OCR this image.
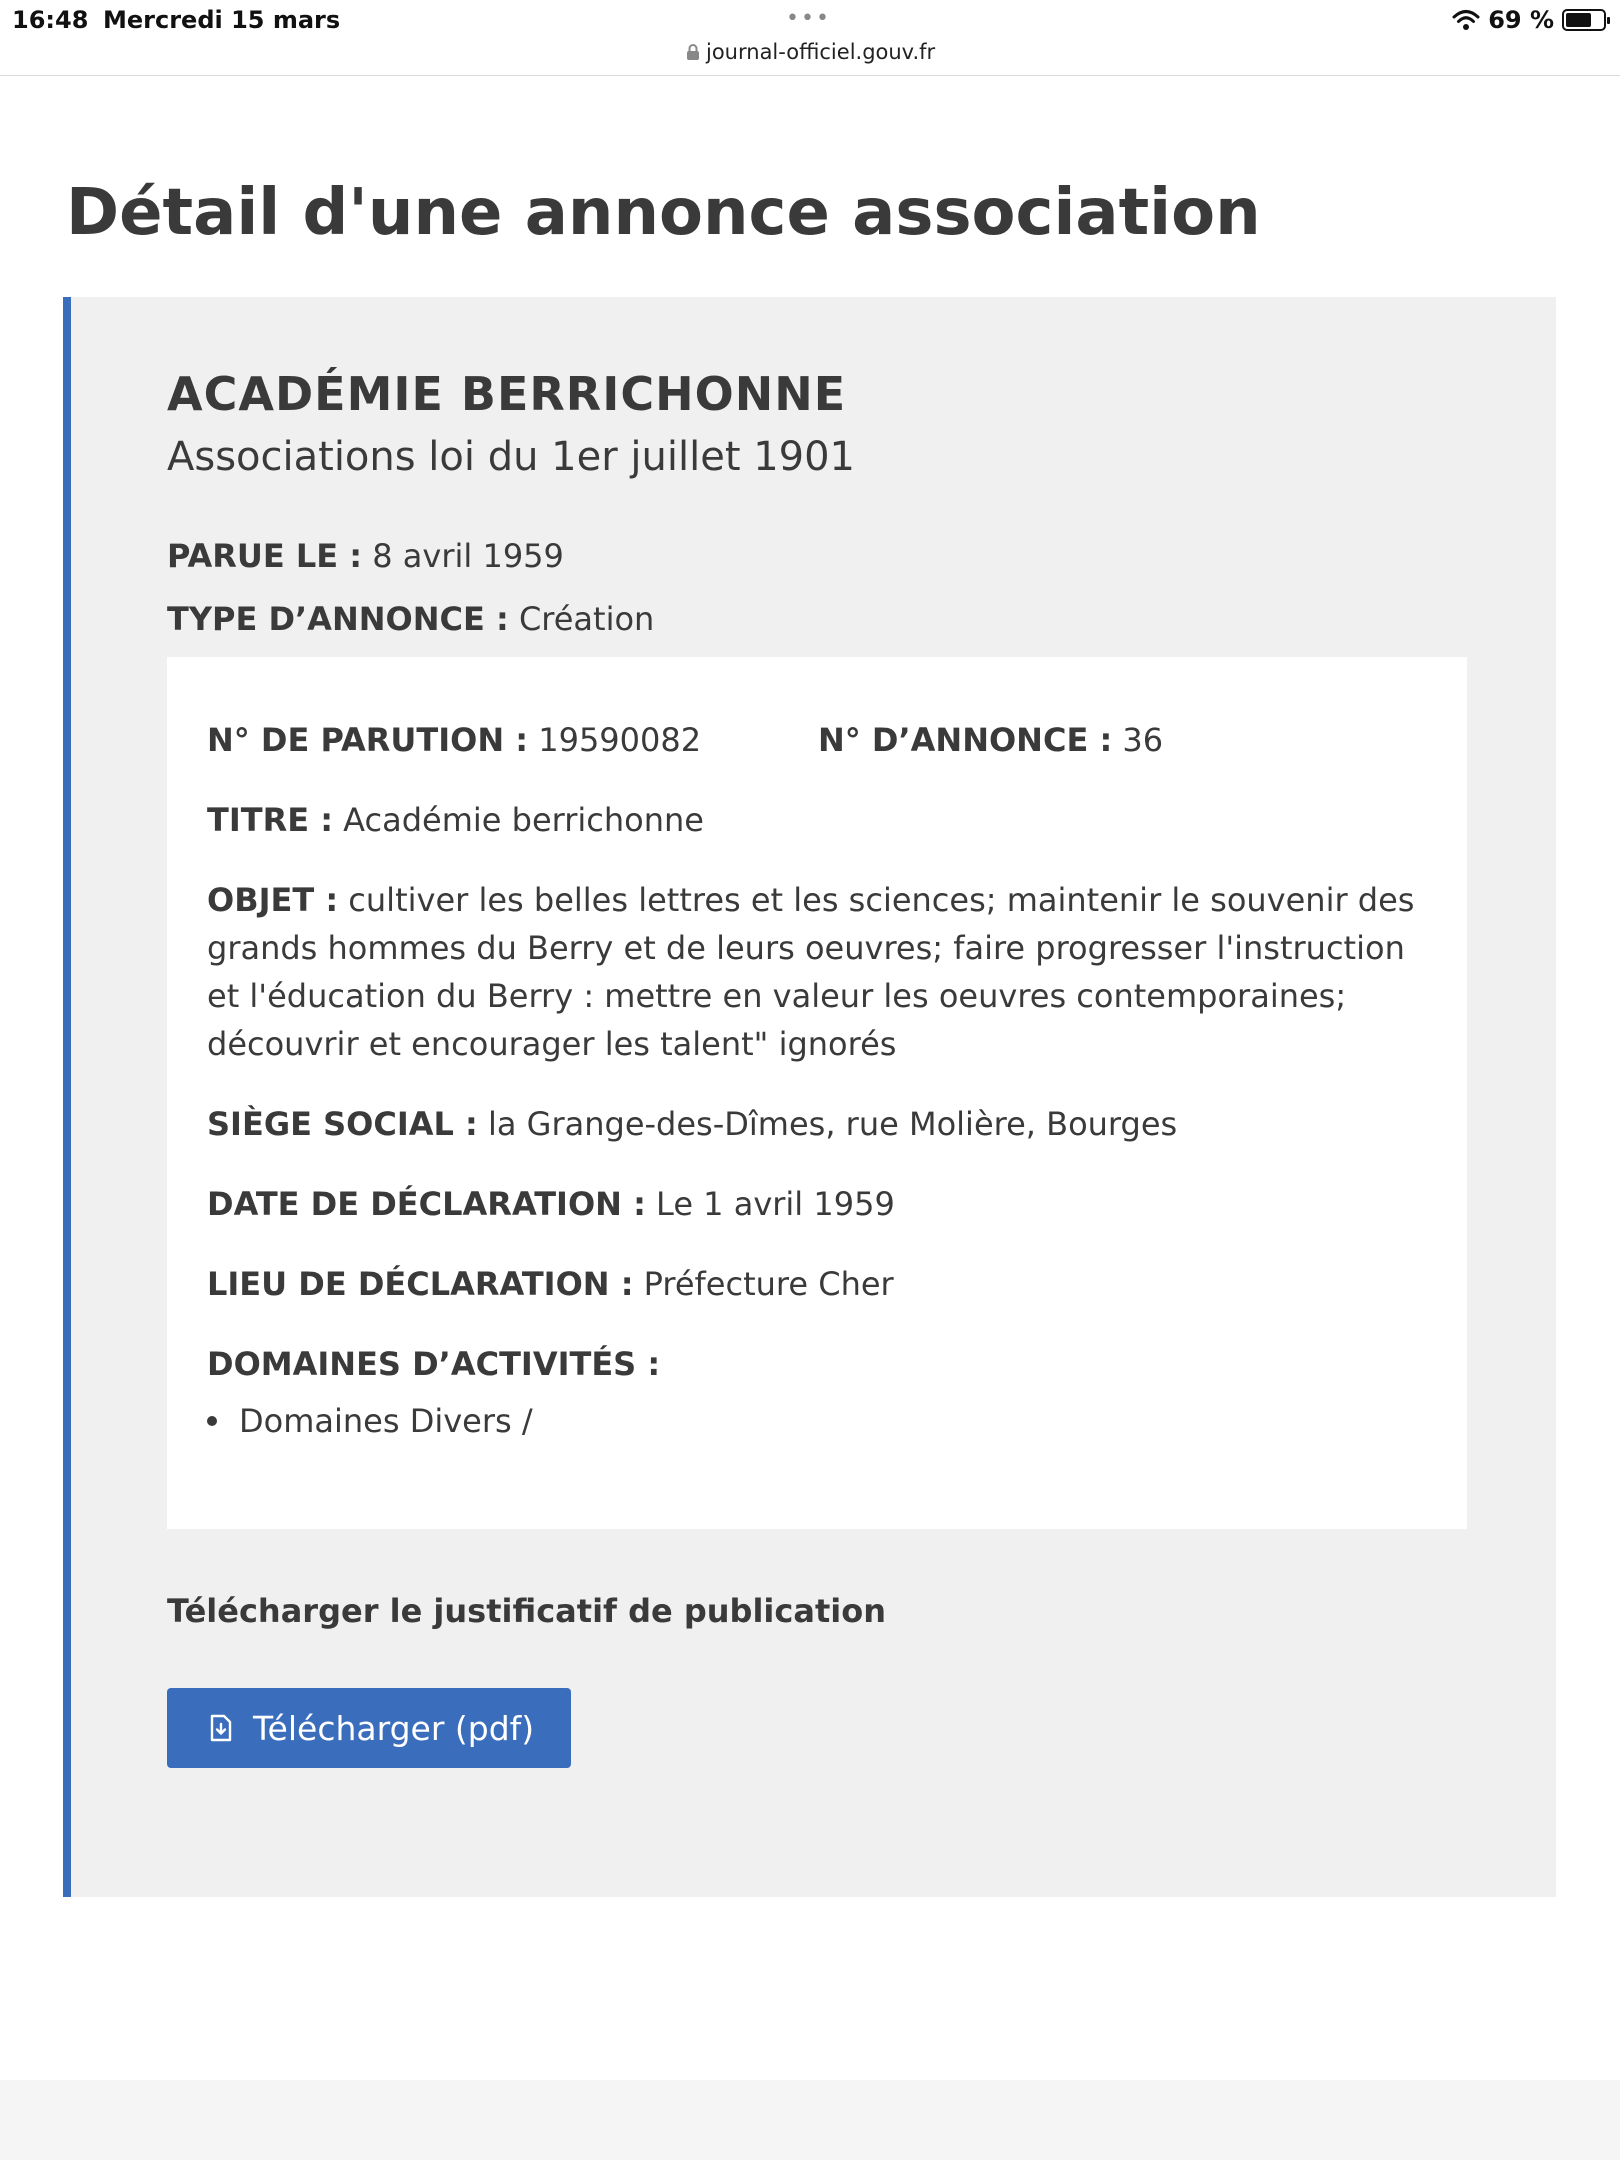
16:48 Mercredi 15 mars	•••
journal-officiel.gouv.fr
69 %
Détail d'une annonce association
ACADÉMIE BERRICHONNE
Associations loi du 1er juillet 1901
PARUE LE : 8 avril 1959
TYPE D’ANNONCE : Création
N° DE PARUTION : 19590082	N° D’ANNONCE : 36
TITRE : Académie berrichonne
OBJET : cultiver les belles lettres et les sciences; maintenir le souvenir des grands hommes du Berry et de leurs oeuvres; faire progresser l'instruction et l'éducation du Berry : mettre en valeur les oeuvres contemporaines; découvrir et encourager les talent" ignorés
SIÈGE SOCIAL : la Grange-des-Dîmes, rue Molière, Bourges
DATE DE DÉCLARATION : Le 1 avril 1959
LIEU DE DÉCLARATION : Préfecture Cher
DOMAINES D’ACTIVITÉS :
Domaines Divers /
Télécharger le justificatif de publication
Télécharger (pdf)
